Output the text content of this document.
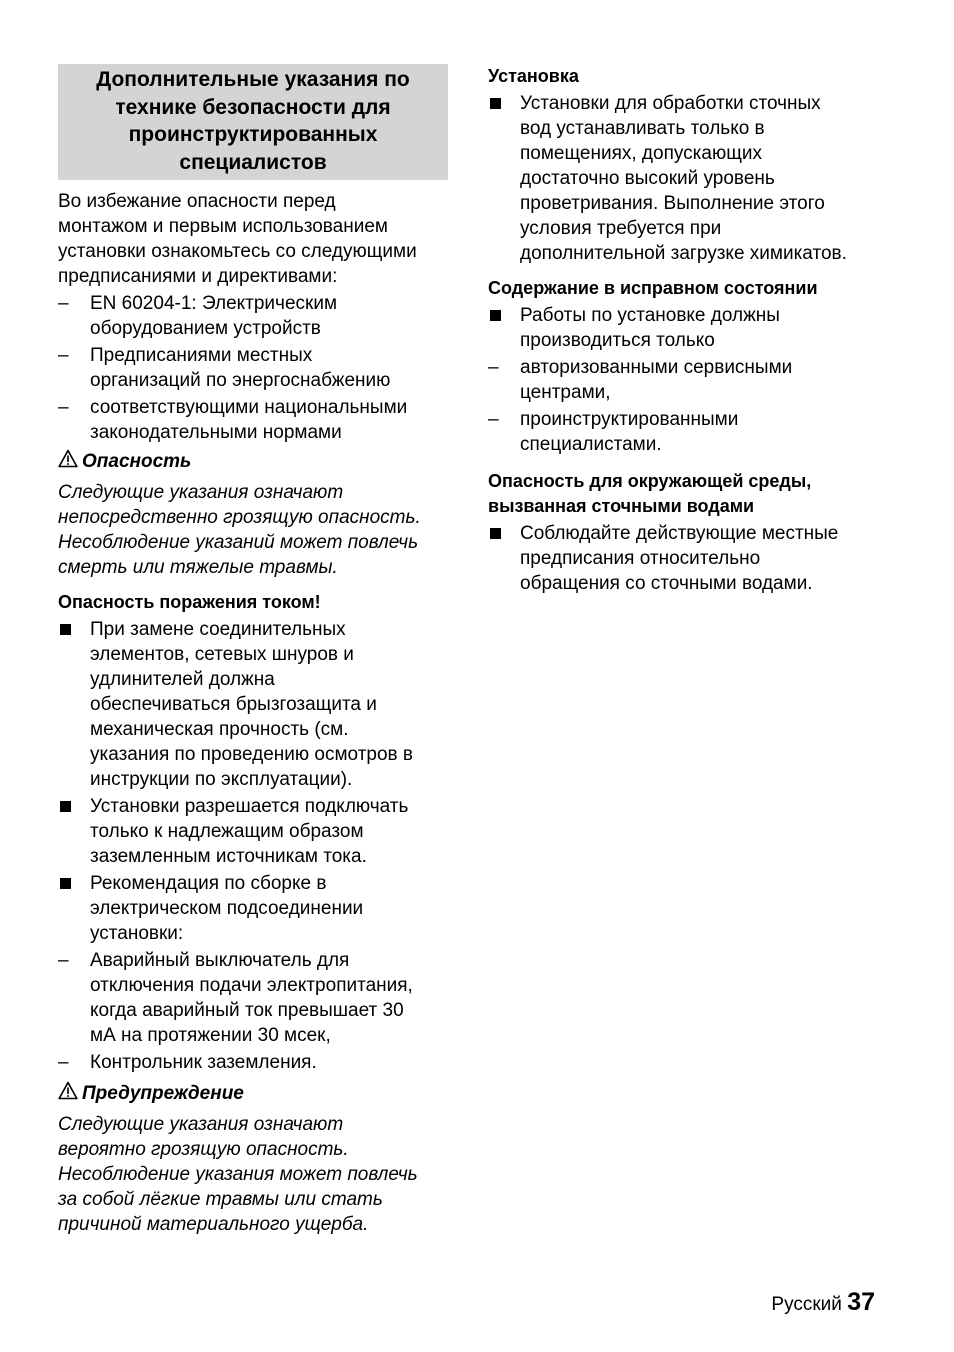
Дополнительные указания по
технике безопасности для
проинструктированных
специалистов

Во избежание опасности перед
монтажом и первым использованием
установки ознакомьтесь со следующими
предписаниями и директивами:

–	EN 60204-1: Электрическим
оборудованием устройств
–	Предписаниями местных
организаций по энергоснабжению
–	соответствующими национальными
законодательными нормами
Опасность

Следующие указания означают
непосредственно грозящую опасность.
Несоблюдение указаний может повлечь
смерть или тяжелые травмы.

Опасность поражения током!
При замене соединительных
элементов, сетевых шнуров и
удлинителей должна
обеспечиваться брызгозащита и
механическая прочность (см.
указания по проведению осмотров в
инструкции по эксплуатации).
Установки разрешается подключать
только к надлежащим образом
заземленным источникам тока.
Рекомендация по сборке в
электрическом подсоединении
установки:
–	Аварийный выключатель для
отключения подачи электропитания,
когда аварийный ток превышает 30
мА на протяжении 30 мсек,
–	Контрольник заземления.
Предупреждение

Следующие указания означают
вероятно грозящую опасность.
Несоблюдение указания может повлечь
за собой лёгкие травмы или стать
причиной материального ущерба.

Установка
Установки для обработки сточных
вод устанавливать только в
помещениях, допускающих
достаточно высокий уровень
проветривания. Выполнение этого
условия требуется при
дополнительной загрузке химикатов.
Содержание в исправном состоянии
Работы по установке должны
производиться только
–	авторизованными сервисными
центрами,
–	проинструктированными
специалистами.
Опасность для окружающей среды,
вызванная сточными водами
Соблюдайте действующие местные
предписания относительно
обращения со сточными водами.
Русский 37
